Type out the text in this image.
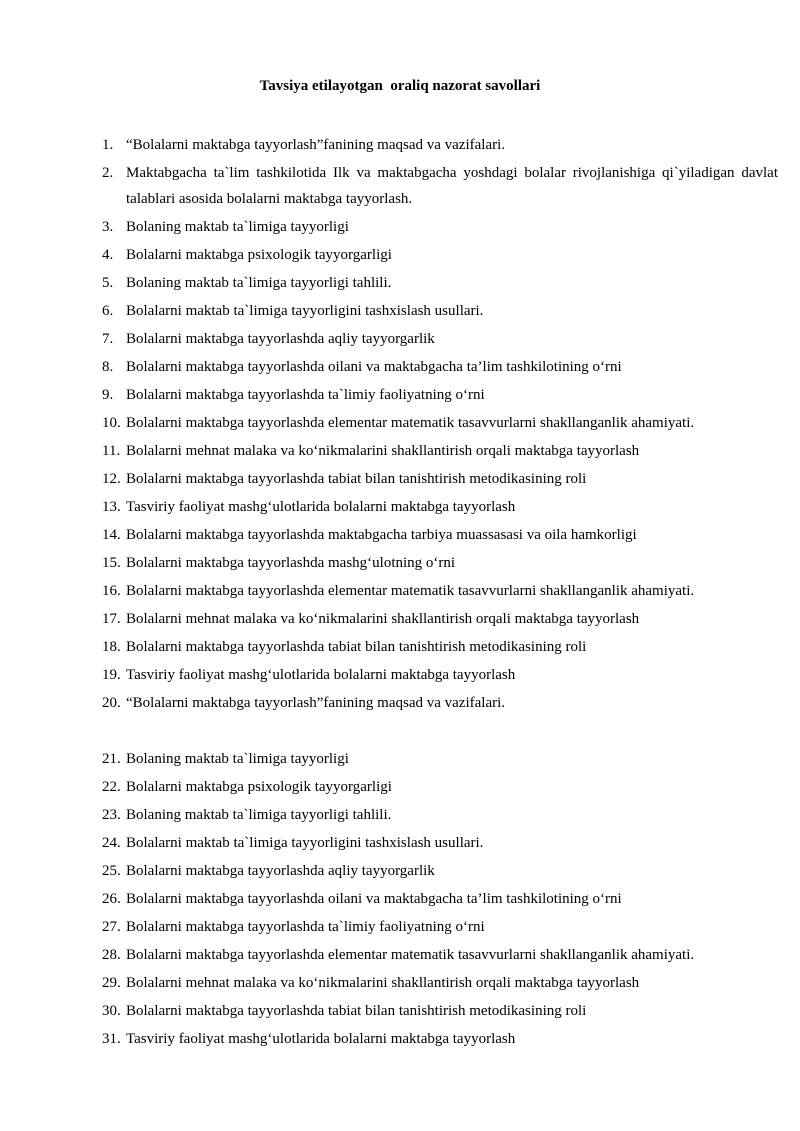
Tavsiya etilayotgan  oraliq nazorat savollari
1. “Bolalarni maktabga tayyorlash”fanining maqsad va vazifalari.
2. Maktabgacha ta`lim tashkilotida Ilk va maktabgacha yoshdagi bolalar rivojlanishiga qi`yiladigan davlat talablari asosida bolalarni maktabga tayyorlash.
3. Bolaning maktab ta`limiga tayyorligi
4. Bolalarni maktabga psixologik tayyorgarligi
5. Bolaning maktab ta`limiga tayyorligi tahlili.
6. Bolalarni maktab ta`limiga tayyorligini tashxislash usullari.
7. Bolalarni maktabga tayyorlashda aqliy tayyorgarlik
8. Bolalarni maktabga tayyorlashda oilani va maktabgacha ta’lim tashkilotining o‘rni
9. Bolalarni maktabga tayyorlashda ta`limiy faoliyatning o‘rni
10. Bolalarni maktabga tayyorlashda elementar matematik tasavvurlarni shakllanganlik ahamiyati.
11. Bolalarni mehnat malaka va ko‘nikmalarini shakllantirish orqali maktabga tayyorlash
12. Bolalarni maktabga tayyorlashda tabiat bilan tanishtirish metodikasining roli
13. Tasviriy faoliyat mashg‘ulotlarida bolalarni maktabga tayyorlash
14. Bolalarni maktabga tayyorlashda maktabgacha tarbiya muassasasi va oila hamkorligi
15. Bolalarni maktabga tayyorlashda mashg‘ulotning o‘rni
16. Bolalarni maktabga tayyorlashda elementar matematik tasavvurlarni shakllanganlik ahamiyati.
17. Bolalarni mehnat malaka va ko‘nikmalarini shakllantirish orqali maktabga tayyorlash
18. Bolalarni maktabga tayyorlashda tabiat bilan tanishtirish metodikasining roli
19. Tasviriy faoliyat mashg‘ulotlarida bolalarni maktabga tayyorlash
20. “Bolalarni maktabga tayyorlash”fanining maqsad va vazifalari.
21. Bolaning maktab ta`limiga tayyorligi
22. Bolalarni maktabga psixologik tayyorgarligi
23. Bolaning maktab ta`limiga tayyorligi tahlili.
24. Bolalarni maktab ta`limiga tayyorligini tashxislash usullari.
25. Bolalarni maktabga tayyorlashda aqliy tayyorgarlik
26. Bolalarni maktabga tayyorlashda oilani va maktabgacha ta’lim tashkilotining o‘rni
27. Bolalarni maktabga tayyorlashda ta`limiy faoliyatning o‘rni
28. Bolalarni maktabga tayyorlashda elementar matematik tasavvurlarni shakllanganlik ahamiyati.
29. Bolalarni mehnat malaka va ko‘nikmalarini shakllantirish orqali maktabga tayyorlash
30. Bolalarni maktabga tayyorlashda tabiat bilan tanishtirish metodikasining roli
31. Tasviriy faoliyat mashg‘ulotlarida bolalarni maktabga tayyorlash
